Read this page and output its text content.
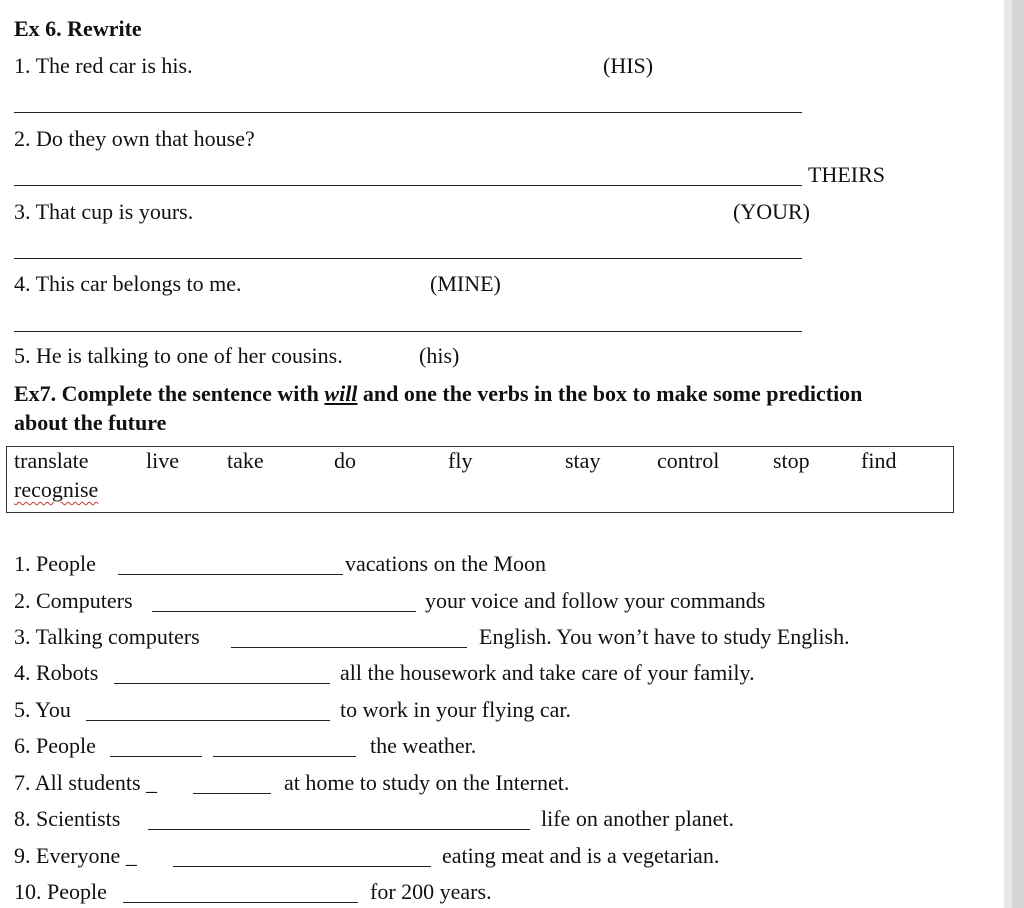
Ex 6. Rewrite
1. The red car is his.	(HIS)
2. Do they own that house?
THEIRS
3. That cup is yours.	(YOUR)
4. This car belongs to me.	(MINE)
5. He is talking to one of her cousins.	(his)
Ex7. Complete the sentence with will and one the verbs in the box to make some prediction
about the future
translate	live take	do	fly	stay	control stop find
recognise
1. People	vacations on the Moon
2. Computers	your voice and follow your commands
3. Talking computers	English. You won’t have to study English.
4. Robots	all the housework and take care of your family.
5. You	to work in your flying car.
6. People	the weather.
7. All students _	at home to study on the Internet.
8. Scientists	life on another planet.
9. Everyone _	eating meat and is a vegetarian.
10. People	for 200 years.
